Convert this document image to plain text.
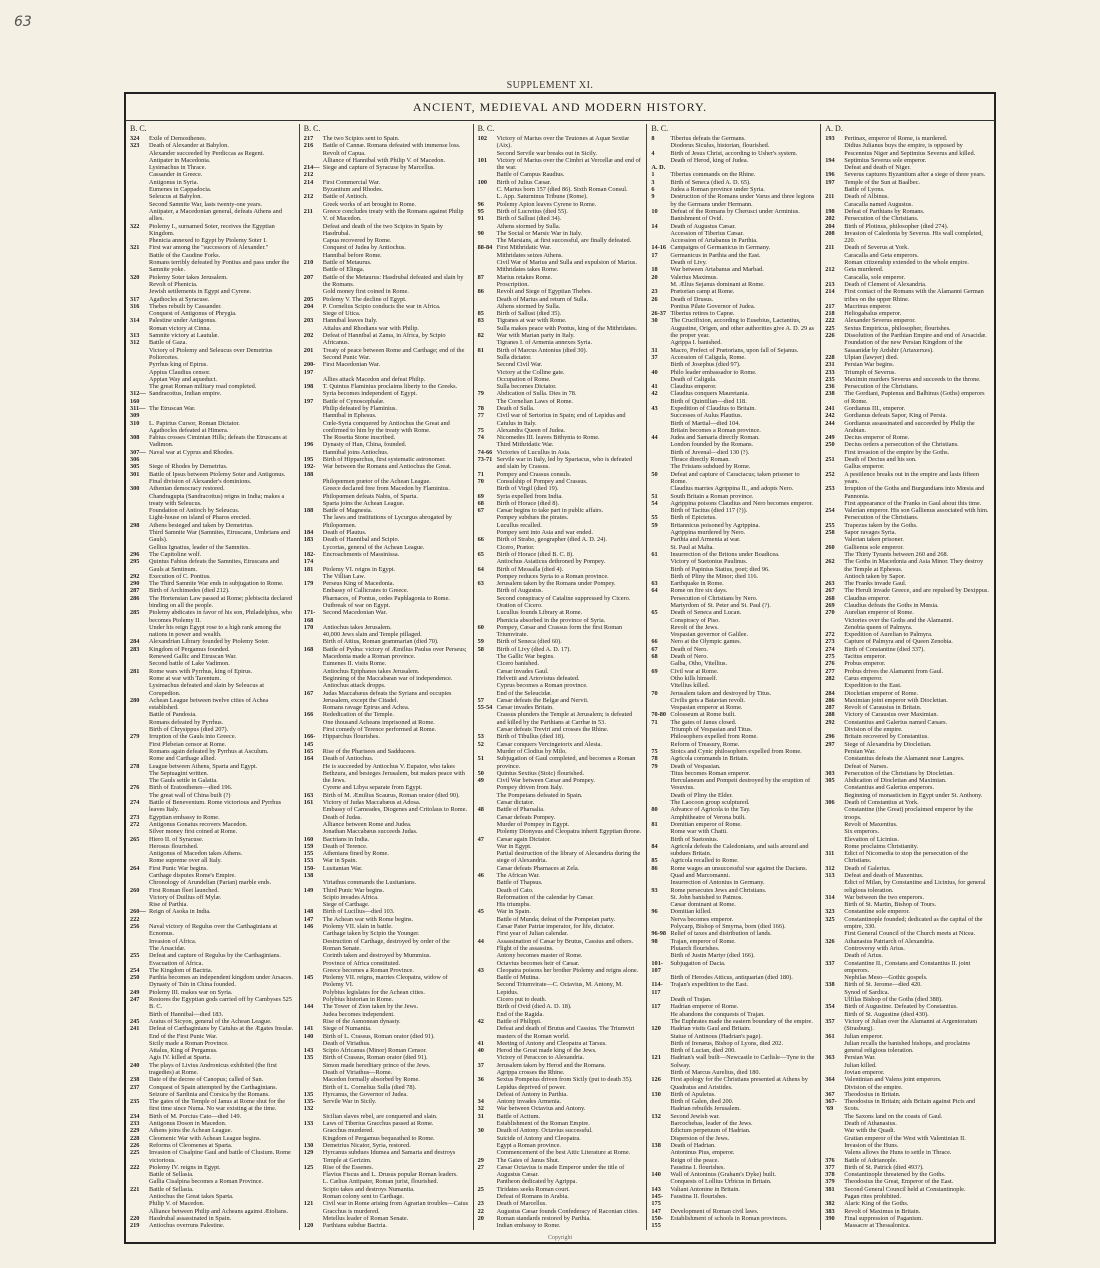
63
SUPPLEMENT XI.
ANCIENT, MEDIEVAL AND MODERN HISTORY.
B. C.
324	Exile of Demosthenes.
323	Death of Alexander at Babylon.
Alexander succeeded by Perdiccas as Regent.
Antipater in Macedonia.
Lysimachus in Thrace.
Cassander in Greece.
Antigonus in Syria.
Eumenes in Cappadocia.
Seleucus at Babylon.
Second Samnite War, lasts twenty-one years.
Antipater, a Macedonian general, defeats Athens and allies.
322	Ptolemy I., surnamed Soter, receives the Egyptian Kingdom.
Phenicia annexed to Egypt by Ptolemy Soter I.
321	First war among the "successors of Alexander."
Battle of the Caudine Forks.
Romans terribly defeated by Pontius and pass under the Samnite yoke.
320	Ptolemy Soter takes Jerusalem.
Revolt of Phenicia.
Jewish settlements in Egypt and Cyrene.
317	Agathocles at Syracuse.
316	Thebes rebuilt by Cassander.
Conquest of Antigonus of Phrygia.
314	Palestine under Antigonus.
Roman victory at Cinna.
313	Samnite victory at Lautulæ.
312	Battle of Gaza.
Victory of Ptolemy and Seleucus over Demetrius Poliorcetes.
Pyrrhus king of Epirus.
Appius Claudius censor.
Appian Way and aqueduct.
The great Roman military road completed.
312—160
Sandracottus, Indian empire.
311—309
The Etruscan War.
310	L. Papirius Cursor, Roman Dictator.
Agathocles defeated at Himera.
308	Fabius crosses Ciminian Hills; defeats the Etruscans at Vadimon.
307—306
Naval war at Cyprus and Rhodes.
305	Siege of Rhodes by Demetrius.
301	Battle of Ipsus between Ptolemy Soter and Antigonus.
Final division of Alexander's dominions.
300	Athenian democracy restored.
Chandragupta (Sandracottus) reigns in India; makes a treaty with Seleucus.
Foundation of Antioch by Seleucus.
Light-house on island of Pharos erected.
298	Athens besieged and taken by Demetrius.
Third Samnite War (Samnites, Etruscans, Umbrians and Gauls).
Gellius Ignatius, leader of the Samnites.
296	The Capitoline wolf.
295	Quintus Fabius defeats the Samnites, Etruscans and Gauls at Sentinum.
292	Execution of C. Pontius.
290	The Third Samnite War ends in subjugation to Rome.
287	Birth of Archimedes (died 212).
286	The Hortensian Law passed at Rome; plebiscita declared binding on all the people.
285	Ptolemy abdicates in favor of his son, Philadelphus, who becomes Ptolemy II.
Under his reign Egypt rose to a high rank among the nations in power and wealth.
284	Alexandrian Library founded by Ptolemy Soter.
283	Kingdom of Pergamus founded.
Renewed Gallic and Etruscan War.
Second battle of Lake Vadimon.
281	Rome wars with Pyrrhus, king of Epirus.
Rome at war with Tarentum.
Lysimachus defeated and slain by Seleucus at Corupedion.
280	Achean League between twelve cities of Achea established.
Battle of Pandosia.
Romans defeated by Pyrrhus.
Birth of Chrysippus (died 207).
279	Irruption of the Gauls into Greece.
First Plebeian censor at Rome.
Romans again defeated by Pyrrhus at Asculum.
Rome and Carthage allied.
278	League between Athens, Sparta and Egypt.
The Septuagint written.
The Gauls settle in Galatia.
276	Birth of Eratosthenes—died 196.
The great wall of China built (?)
274	Battle of Beneventum. Rome victorious and Pyrrhus leaves Italy.
273	Egyptian embassy to Rome.
272	Antigonus Gonatus recovers Macedon.
Silver money first coined at Rome.
265	Hiero II. of Syracuse.
Herosus flourished.
Antigonus of Macedon takes Athens.
Rome supreme over all Italy.
264	First Punic War begins.
Carthage disputes Rome's Empire.
Chronology of Arundelian (Parian) marble ends.
260	First Roman fleet launched.
Victory of Duilius off Mylæ.
Rise of Parthia.
260—222
Reign of Asoka in India.
256	Naval victory of Regulus over the Carthaginians at Ecnomus.
Invasion of Africa.
The Arsacidæ.
255	Defeat and capture of Regulus by the Carthaginians.
Evacuation of Africa.
254	The Kingdom of Bactria.
250	Parthia becomes an independent kingdom under Arsaces.
Dynasty of Tsin in China founded.
249	Ptolemy III. makes war on Syria.
247	Restores the Egyptian gods carried off by Cambyses 525 B. C.
Birth of Hannibal—died 183.
245	Aratus of Sicyon, general of the Achean League.
241	Defeat of Carthaginians by Catulus at the Ægates Insulæ.
End of the First Punic War.
Sicily made a Roman Province.
Attalus, King of Pergamus.
Agis IV. killed at Sparta.
240	The plays of Livius Andronicus exhibited (the first tragedies) at Rome.
238	Date of the decree of Canopus; called of San.
237	Conquest of Spain attempted by the Carthaginians.
Seizure of Sardinia and Corsica by the Romans.
235	The gates of the Temple of Janus at Rome shut for the first time since Numa. No war existing at the time.
234	Birth of M. Porcius Cato—died 149.
233	Antigonus Doson in Macedon.
229	Athens joins the Achean League.
228	Cleomenic War with Achean League begins.
226	Reforms of Cleomenes at Sparta.
225	Invasion of Cisalpine Gaul and battle of Clusium. Rome victorious.
222	Ptolemy IV. reigns in Egypt.
Battle of Sellasia.
Gallia Cisalpina becomes a Roman Province.
221	Battle of Sellasia.
Antiochus the Great takes Sparta.
Philip V. of Macedon.
Alliance between Philip and Acheans against Ætolians.
220	Hasdrubal assassinated in Spain.
219	Antiochus overruns Palestine.
B. C.
217	The two Scipios sent to Spain.
216	Battle of Cannæ. Romans defeated with immense loss.
Revolt of Capua.
Alliance of Hannibal with Philip V. of Macedon.
214—212
Siege and capture of Syracuse by Marcellus.
214	First Commercial War.
Byzantium and Rhodes.
212	Battle of Antioch.
Greek works of art brought to Rome.
211	Greece concludes treaty with the Romans against Philip V. of Macedon.
Defeat and death of the two Scipios in Spain by Hasdrubal.
Capua recovered by Rome.
Conquest of Judea by Antiochus.
Hannibal before Rome.
210	Battle of Metaurus.
Battle of Elinga.
207	Battle of the Metaurus: Hasdrubal defeated and slain by the Romans.
Gold money first coined in Rome.
205	Ptolemy V. The decline of Egypt.
204	P. Cornelius Scipio conducts the war in Africa.
Siege of Utica.
203	Hannibal leaves Italy.
Attalus and Rhodians war with Philip.
202	Defeat of Hannibal at Zama, in Africa, by Scipio Africanus.
201	Treaty of peace between Rome and Carthage; end of the Second Punic War.
200-197
First Macedonian War.
Allies attack Macedon and defeat Philip.
198	T. Quintus Flaminius proclaims liberty to the Greeks.
Syria becomes independent of Egypt.
197	Battle of Cynoscephalæ.
Philip defeated by Flaminius.
Hannibal in Ephesus.
Cœle-Syria conquered by Antiochus the Great and confirmed to him by the treaty with Rome.
The Rosetta Stone inscribed.
196	Dynasty of Han, China, founded.
Hannibal joins Antiochus.
195	Birth of Hipparchus, first systematic astronomer.
192-188
War between the Romans and Antiochus the Great.
Philopœmen prætor of the Achean League.
Greece declared free from Macedon by Flaminius.
Philopœmen defeats Nabis, of Sparta.
Sparta joins the Achean League.
188	Battle of Magnesia.
The laws and institutions of Lycurgus abrogated by Philopœmen.
184	Death of Plautus.
183	Death of Hannibal and Scipio.
Lycortas, general of the Achean League.
182-174
Encroachments of Massinissa.
181	Ptolemy VI. reigns in Egypt.
The Villian Law.
179	Perseus King of Macedonia.
Embassy of Callicrates to Greece.
Pharnaces, of Pontus, cedes Paphlagonia to Rome.
Outbreak of war on Egypt.
171-168
Second Macedonian War.
170	Antiochus takes Jerusalem.
40,000 Jews slain and Temple pillaged.
Birth of Attius, Roman grammarian (died 70).
168	Battle of Pydna: victory of Æmilius Paulus over Perseus; Macedonia made a Roman province.
Eumenes II. visits Rome.
Antiochus Epiphanes takes Jerusalem.
Beginning of the Maccabæan war of independence.
Antiochus attack dropps.
167	Judas Maccabæus defeats the Syrians and occupies Jerusalem, except the Citadel.
Romans ravage Epirus and Achea.
166	Rededication of the Temple.
One thousand Acheans imprisoned at Rome.
First comedy of Terence performed at Rome.
166-145
Hipparchus flourishes.
165	Rise of the Pharisees and Sadducees.
164	Death of Antiochus.
He is succeeded by Antiochus V. Eupator, who takes Bethzura, and besieges Jerusalem, but makes peace with the Jews.
Cyrene and Libya separate from Egypt.
163	Birth of M. Æmilius Scaurus, Roman orator (died 90).
161	Victory of Judas Maccabæus at Adosa.
Embassy of Carneades, Diogenes and Critolaus to Rome.
Death of Judas.
Alliance between Rome and Judea.
Jonathan Maccabæus succeeds Judas.
160	Bactrians in India.
159	Death of Terence.
155	Athenians fined by Rome.
153	War in Spain.
150-138
Lusitanian War.
Viriathus commands the Lusitanians.
149	Third Punic War begins.
Scipio invades Africa.
Siege of Carthage.
148	Birth of Lucilius—died 103.
147	The Achean war with Rome begins.
146	Ptolemy VII. slain in battle.
Carthage taken by Scipio the Younger.
Destruction of Carthage, destroyed by order of the Roman Senate.
Corinth taken and destroyed by Mummius.
Province of Africa constituted.
Greece becomes a Roman Province.
145	Ptolemy VII. reigns, marries Cleopatra, widow of Ptolemy VI.
Polybius legislates for the Achean cities.
Polybius historian in Rome.
144	The Tower of Zion taken by the Jews.
Judea becomes independent.
Rise of the Asmonean dynasty.
141	Siege of Numantia.
140	Birth of L. Crassus, Roman orator (died 91).
Death of Viriathus.
143	Scipio Africanus (Minor) Roman Censor.
135	Birth of Crassus, Roman orator (died 91).
Simon made hereditary prince of the Jews.
Death of Viriathus—Rome.
Macedon formally absorbed by Rome.
Birth of L. Cornelius Sulla (died 78).
135	Hyrcanus, the Governor of Judea.
135-132
Servile War in Sicily.
Sicilian slaves rebel, are conquered and slain.
133	Laws of Tiberius Gracchus passed at Rome.
Gracchus murdered.
Kingdom of Pergamus bequeathed to Rome.
130	Demetrius Nicator, Syria, restored.
129	Hyrcanus subdues Idumea and Samaria and destroys Temple at Gerizim.
125	Rise of the Essenes.
Flavius Fiscus and L. Drusus popular Roman leaders.
L. Cælius Antipater, Roman jurist, flourished.
Scipio takes and destroys Numantia.
Roman colony sent to Carthage.
121	Civil war in Rome arising from Agrarian troubles—Caius Gracchus is murdered.
Metellus leader of Roman Senate.
120	Parthians subdue Bactria.
B. C.
102	Victory of Marius over the Teutones at Aquæ Sextiæ (Aix).
Second Servile war breaks out in Sicily.
101	Victory of Marius over the Cimbri at Vercellæ and end of the war.
Battle of Campus Raudius.
100	Birth of Julius Cæsar.
C. Marius born 157 (died 86). Sixth Roman Consul.
L. App. Saturninus Tribune (Rome).
96	Ptolemy Apion leaves Cyrene to Rome.
95	Birth of Lucretius (died 55).
91	Birth of Sallust (died 34).
Athens stormed by Sulla.
90	The Social or Marsic War in Italy.
The Marsians, at first successful, are finally defeated.
88-84 First Mithridatic War.
Mithridates seizes Athens.
Civil War of Marius and Sulla and expulsion of Marius.
Mithridates takes Rome.
87	Marius retakes Rome.
Proscription.
86	Revolt and Siege of Egyptian Thebes.
Death of Marius and return of Sulla.
Athens stormed by Sulla.
85	Birth of Sallust (died 35).
83	Tigranes at war with Rome.
Sulla makes peace with Pontus, king of the Mithridates.
82	War with Marian party in Italy.
Tigranes I. of Armenia annexes Syria.
81	Birth of Marcus Antonius (died 30).
Sulla dictator.
Second Civil War.
Victory at the Colline gate.
Occupation of Rome.
Sulla becomes Dictator.
79	Abdication of Sulla. Dies in 78.
The Cornelian Laws of Rome.
78	Death of Sulla.
77	Civil war of Sertorius in Spain; end of Lepidus and Catulus in Italy.
75	Alexandra Queen of Judea.
74	Nicomedes III. leaves Bithynia to Rome.
Third Mithridatic War.
74-66 Victories of Lucullus in Asia.
73-71 Servile war in Italy, led by Spartacus, who is defeated and slain by Crassus.
71	Pompey and Crassus consuls.
70	Consulship of Pompey and Crassus.
Birth of Virgil (died 19).
69	Syria expelled from India.
68	Birth of Horace (died 8).
67	Cæsar begins to take part in public affairs.
Pompey subdues the pirates.
Lucullus recalled.
Pompey sent into Asia and war ended.
66	Birth of Strabo, geographer (died A. D. 24).
Cicero, Prætor.
65	Birth of Horace (died B. C. 8).
Antiochus Asiaticus dethroned by Pompey.
64	Birth of Messalla (died 4).
Pompey reduces Syria to a Roman province.
63	Jerusalem taken by the Romans under Pompey.
Birth of Augustus.
Second conspiracy of Cataline suppressed by Cicero.
Oration of Cicero.
Lucullus founds Library at Rome.
Phenicia absorbed in the province of Syria.
60	Pompey, Cæsar and Crassus form the first Roman Triumvirate.
59	Birth of Seneca (died 60).
58	Birth of Livy (died A. D. 17).
The Gallic War begins.
Cicero banished.
Cæsar invades Gaul.
Helvetii and Ariovistus defeated.
Cyprus becomes a Roman province.
End of the Seleucidæ.
57	Cæsar defeats the Belgæ and Nervii.
55-54 Cæsar invades Britain.
Crassus plunders the Temple at Jerusalem; is defeated and killed by the Parthians at Carrhæ in 53.
Cæsar defeats Treviri and crosses the Rhine.
53	Birth of Tibullus (died 18).
52	Cæsar conquers Vercingetorix and Alesia.
Murder of Clodius by Milo.
51	Subjugation of Gaul completed, and becomes a Roman province.
50	Quintus Sextius (Stoic) flourished.
49	Civil War between Cæsar and Pompey.
Pompey driven from Italy.
The Pompeians defeated in Spain.
Cæsar dictator.
48	Battle of Pharsalia.
Cæsar defeats Pompey.
Murder of Pompey in Egypt.
Ptolemy Dionysus and Cleopatra inherit Egyptian throne.
47	Cæsar again Dictator.
War in Egypt.
Partial destruction of the library of Alexandria during the siege of Alexandria.
Cæsar defeats Pharnaces at Zela.
46	The African War.
Battle of Thapsus.
Death of Cato.
Reformation of the calendar by Cæsar.
His triumphs.
45	War in Spain.
Battle of Munda; defeat of the Pompeian party.
Cæsar Pater Patriæ imperator, for life, dictator.
First year of Julian calendar.
44	Assassination of Cæsar by Brutus, Cassius and others. Flight of the assassins.
Antony becomes master of Rome.
Octavius becomes heir of Cæsar.
43	Cleopatra poisons her brother Ptolemy and reigns alone.
Battle of Mutina.
Second Triumvirate—C. Octavius, M. Antony, M. Lepidus.
Cicero put to death.
Birth of Ovid (died A. D. 18).
End of the Ragida.
42	Battle of Philippi.
Defeat and death of Brutus and Cassius. The Triumviri masters of the Roman world.
41	Meeting of Antony and Cleopatra at Tarsus.
40	Herod the Great made king of the Jews.
Victory of Peraccon to Alexandria.
37	Jerusalem taken by Herod and the Romans.
Agrippa crosses the Rhine.
36	Sextus Pompeius driven from Sicily (put to death 35).
Lepidus deprived of power.
Defeat of Antony in Parthia.
34	Antony invades Armenia.
32	War between Octavius and Antony.
31	Battle of Actium.
Establishment of the Roman Empire.
30	Death of Antony. Octavius successful.
Suicide of Antony and Cleopatra.
Egypt a Roman province.
Commencement of the best Attic Literature at Rome.
29	The Gates of Janus Shut.
27	Cæsar Octavius is made Emperor under the title of Augustus Cæsar.
Pantheon dedicated by Agrippa.
25	Tiridates seeks Roman court.
Defeat of Romans in Arabia.
23	Death of Marcellus.
22	Augustus Cæsar founds Confederacy of Raconian cities.
20	Roman standards restored by Parthia.
Indian embassy to Rome.
B. C.
8	Tiberius defeats the Germans.
Diodorus Siculus, historian, flourished.
4	Birth of Jesus Christ, according to Usher's system.
Death of Herod, king of Judea.
A. D.
1	Tiberius commands on the Rhine.
3	Birth of Seneca (died A. D. 65).
6	Judea a Roman province under Syria.
9	Destruction of the Romans under Varus and three legions by the Germans under Hermann.
10	Defeat of the Romans by Cherusci under Arminius.
Banishment of Ovid.
14	Death of Augustus Cæsar.
Accession of Tiberius Cæsar.
Accession of Artabanus in Parthia.
14-16 Campaigns of Germanicus in Germany.
17	Germanicus in Parthia and the East.
Death of Livy.
18	War between Artabanus and Marbad.
20	Valerius Maximus.
M. Ælius Sejanus dominant at Rome.
23	Prætorian camp at Rome.
26	Death of Drusus.
Pontius Pilate Governor of Judea.
26-37 Tiberius retires to Capræ.
30	The Crucifixion, according to Eusebius, Lactantius, Augustine, Origen, and other authorities give A. D. 29 as the proper year.
Agrippa I. banished.
31	Macro, Prefect of Prætorians, upon fall of Sejanus.
37	Accession of Caligula, Rome.
Birth of Josephus (died 97).
40	Philo leader embassador to Rome.
Death of Caligula.
41	Claudius emperor.
42	Claudius conquers Mauretania.
Birth of Quintilian—died 118.
43	Expedition of Claudius to Britain.
Successes of Aulus Plautius.
Birth of Martial—died 104.
Britain becomes a Roman province.
44	Judea and Samaria directly Roman.
London founded by the Romans.
Birth of Juvenal—died 130 (?).
Thrace directly Roman.
The Frisians subdued by Rome.
50	Defeat and capture of Caractacus; taken prisoner to Rome.
Claudius marries Agrippina II., and adopts Nero.
51	South Britain a Roman province.
54	Agrippina poisons Claudius and Nero becomes emperor.
Birth of Tacitus (died 117 (?)).
55	Birth of Epictetus.
59	Britannicus poisoned by Agrippina.
Agrippina murdered by Nero.
Parthia and Armenia at war.
St. Paul at Malta.
61	Insurrection of the Britons under Boadicea.
Victory of Suetonius Paulinus.
Birth of Papinius Statius, poet; died 96.
Birth of Pliny the Minor; died 116.
63	Earthquake in Rome.
64	Rome on fire six days.
Persecution of Christians by Nero.
Martyrdom of St. Peter and St. Paul (?).
65	Death of Seneca and Lucan.
Conspiracy of Piso.
Revolt of the Jews.
Vespasian governor of Galilee.
66	Nero at the Olympic games.
67	Death of Nero.
68	Death of Nero.
Galba, Otho, Vitellius.
69	Civil war at Rome.
Otho kills himself.
Vitellius killed.
70	Jerusalem taken and destroyed by Titus.
Civilis gets a Batavian revolt.
Vespasian emperor at Rome.
70-80 Colosseum at Rome built.
71	The gates of Janus closed.
Triumph of Vespasian and Titus.
Philosophers expelled from Rome.
Reform of Treasury, Rome.
75	Stoics and Cynic philosophers expelled from Rome.
78	Agricola commands in Britain.
79	Death of Vespasian.
Titus becomes Roman emperor.
Herculaneum and Pompeii destroyed by the eruption of Vesuvius.
Death of Pliny the Elder.
The Laocoon group sculptured.
80	Advance of Agricola to the Tay.
Amphitheatre of Verona built.
81	Domitian emperor of Rome.
Rome war with Chatti.
Birth of Suetonius.
84	Agricola defeats the Caledonians, and sails around and subdues Britain.
85	Agricola recalled to Rome.
86	Rome wages an unsuccessful war against the Dacians.
Quad and Marcomanni.
Insurrection of Antonius in Germany.
93	Rome persecutes Jews and Christians.
St. John banished to Patmos.
Cæsar dominant at Rome.
96	Domitian killed.
Nerva becomes emperor.
Polycarp, Bishop of Smyrna, born (died 166).
96-98 Relief of taxes and distribution of lands.
98	Trajan, emperor of Rome.
Plutarch flourishes.
Birth of Justin Martyr (died 166).
101-107
Subjugation of Dacia.
Birth of Herodes Atticus, antiquarian (died 180).
114-117
Trajan's expedition to the East.
Death of Trajan.
117	Hadrian emperor of Rome.
He abandons the conquests of Trajan.
The Euphrates made the eastern boundary of the empire.
120	Hadrian visits Gaul and Britain.
Statue of Antinous (Hadrian's page).
Birth of Irenæus, Bishop of Lyons, died 202.
Birth of Lucian, died 200.
121	Hadrian's wall built—Newcastle to Carlisle—Tyne to the Solway.
Birth of Marcus Aurelius, died 180.
126	First apology for the Christians presented at Athens by Quadratus and Aristides.
130	Birth of Apuleius.
Birth of Galen, died 200.
Hadrian rebuilds Jerusalem.
132	Second Jewish war.
Barcochebas, leader of the Jews.
Edictum perpetuum of Hadrian.
Dispersion of the Jews.
138	Death of Hadrian.
Antoninus Pius, emperor.
Reign of the peace.
Faustina I. flourishes.
140	Wall of Antoninus (Graham's Dyke) built.
Conquests of Lollius Urbicus in Britain.
143	Valiant Antonine in Britain.
145-175
Faustina II. flourishes.
147	Development of Roman civil laws.
150-155
Establishment of schools in Roman provinces.
A. D.
193	Pertinax, emperor of Rome, is murdered.
Didius Julianus buys the empire, is opposed by Pescennius Niger and Septimius Severus and killed.
194	Septimius Severus sole emperor.
Defeat and death of Niger.
196	Severus captures Byzantium after a siege of three years.
197	Temple of the Sun at Baalbec.
Battle of Lyons.
211	Death of Albinus.
Caracalla named Augustus.
198	Defeat of Parthians by Romans.
202	Persecution of the Christians.
204	Birth of Plotinus, philosopher (died 274).
208	Invasion of Caledonia by Severus. His wall completed, 220.
211	Death of Severus at York.
Caracalla and Geta emperors.
Roman citizenship extended to the whole empire.
212	Geta murdered.
Caracalla, sole emperor.
213	Death of Clement of Alexandria.
214	First contact of the Romans with the Alamanni German tribes on the upper Rhine.
217	Macrinus emperor.
218	Heliogabalus emperor.
222	Alexander Severus emperor.
225	Sextus Empiricus, philosopher, flourishes.
226	Dissolution of the Parthian Empire and end of Arsacidæ.
Foundation of the new Persian Kingdom of the Sassanidæ by Ardshir (Artaxerxes).
228	Ulpian (lawyer) died.
231	Persian War begins.
233	Triumph of Severus.
235	Maximin murders Severus and succeeds to the throne.
236	Persecution of the Christians.
238	The Gordiani, Pupienus and Balbinus (Goths) emperors of Rome.
241	Gordianus III., emperor.
242	Gordianus defeats Sapor, King of Persia.
244	Gordianus assassinated and succeeded by Philip the Arabian.
249	Decius emperor of Rome.
250	Decius orders a persecution of the Christians.
First invasion of the empire by the Goths.
251	Death of Decius and his son.
Gallus emperor.
252	A pestilence breaks out in the empire and lasts fifteen years.
253	Irruption of the Goths and Burgundians into Mœsia and Pannonia.
First appearance of the Franks in Gaul about this time.
254	Valerian emperor. His son Gallienus associated with him.
Persecution of the Christians.
255	Trapezus taken by the Goths.
258	Sapor ravages Syria.
Valerian taken prisoner.
260	Gallienus sole emperor.
The Thirty Tyrants between 260 and 268.
262	The Goths in Macedonia and Asia Minor. They destroy the Temple at Ephesus.
Antioch taken by Sapor.
263	The Franks invade Gaul.
267	The Heruli invade Greece, and are repulsed by Dexippus.
268	Claudius emperor.
269	Claudius defeats the Goths in Mœsia.
270	Aurelian emperor of Rome.
Victories over the Goths and the Alamanni.
Zenobia queen of Palmyra.
272	Expedition of Aurelian to Palmyra.
273	Capture of Palmyra and of Queen Zenobia.
274	Birth of Constantine (died 337).
275	Tacitus emperor.
276	Probus emperor.
277	Probus drives the Alamanni from Gaul.
282	Carus emperor.
Expedition to the East.
284	Diocletian emperor of Rome.
286	Maximian joint emperor with Diocletian.
287	Revolt of Carausius in Britain.
288	Victory of Carausius over Maximian.
292	Constantius and Galerius named Cæsars.
Division of the empire.
296	Britain recovered by Constantius.
297	Siege of Alexandria by Diocletian.
Persian War.
Constantius defeats the Alamanni near Langres.
Defeat of Narses.
303	Persecution of the Christians by Diocletian.
305	Abdication of Diocletian and Maximian.
Constantius and Galerius emperors.
Beginning of monasticism in Egypt under St. Anthony.
306	Death of Constantius at York.
Constantine (the Great) proclaimed emperor by the troops.
Revolt of Maxentius.
Six emperors.
Elevation of Licinius.
Rome proclaims Christianity.
311	Edict of Nicomedia to stop the persecution of the Christians.
312	Death of Galerius.
313	Defeat and death of Maxentius.
Edict of Milan, by Constantine and Licinius, for general religious toleration.
314	War between the two emperors.
Birth of St. Martin, Bishop of Tours.
323	Constantine sole emperor.
325	Constantinople founded; dedicated as the capital of the empire, 330.
First General Council of the Church meets at Nicea.
326	Athanasius Patriarch of Alexandria.
Controversy with Arius.
Death of Arius.
337	Constantine II., Constans and Constantius II. joint emperors.
Nephilas Meso—Gothic gospels.
338	Birth of St. Jerome—died 420.
Synod of Sardica.
Ulfilas Bishop of the Goths (died 388).
354	Birth of Augustine. Defeated by Constantius.
Birth of St. Augustine (died 430).
357	Victory of Julian over the Alamanni at Argentoratum (Strasburg).
361	Julian emperor.
Julian recalls the banished bishops, and proclaims general religious toleration.
363	Persian War.
Julian killed.
Jovian emperor.
364	Valentinian and Valens joint emperors.
Division of the empire.
367	Theodosius in Britain.
367-'69
Theodosius in Britain; aids Britain against Picts and Scots.
The Saxons land on the coasts of Gaul.
Death of Athanasius.
War with the Quadi.
Gratian emperor of the West with Valentinian II.
Invasion of the Huns.
Valens allows the Huns to settle in Thrace.
376	Battle of Adrianople.
377	Birth of St. Patrick (died 493?).
378	Constantinople threatened by the Goths.
379	Theodosius the Great, Emperor of the East.
381	Second General Council held at Constantinople.
Pagan rites prohibited.
382	Alaric King of the Goths.
383	Revolt of Maximus in Britain.
390	Final suppression of Paganism.
Massacre at Thessalonica.
Copyright
